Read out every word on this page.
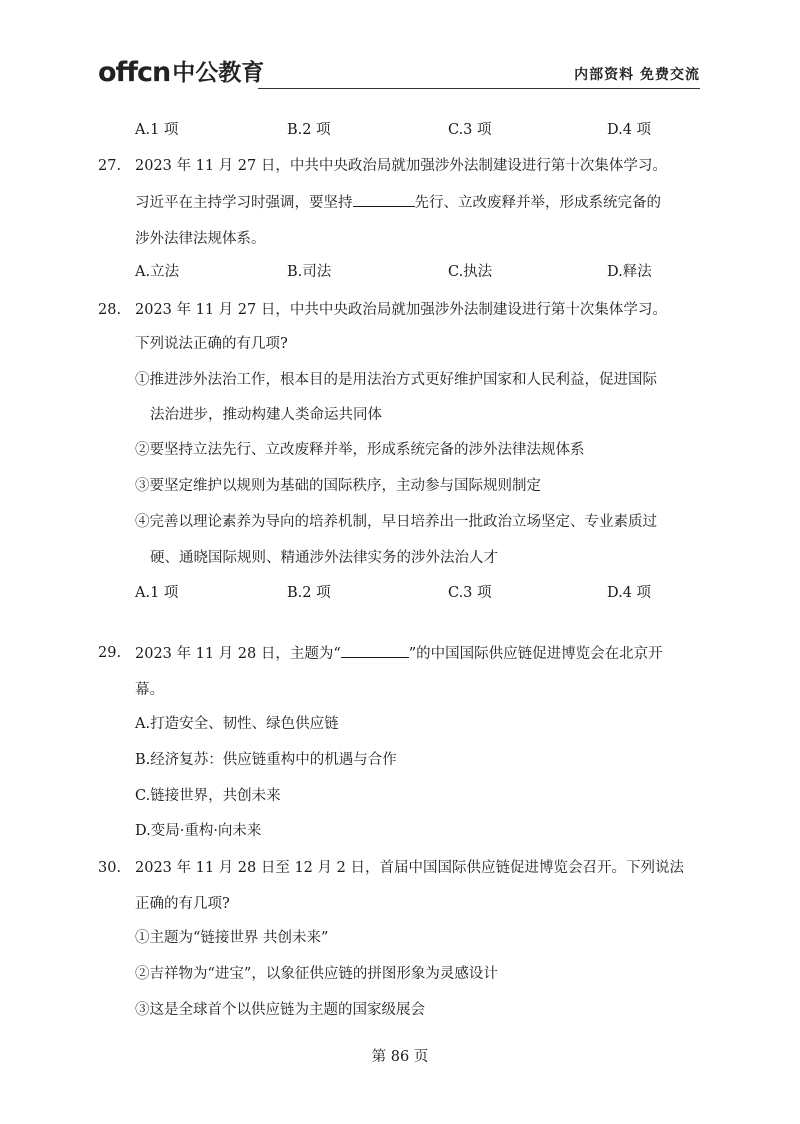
offcn 中公教育	内部资料 免费交流
A.1 项	B.2 项	C.3 项	D.4 项
27. 2023 年 11 月 27 日，中共中央政治局就加强涉外法制建设进行第十次集体学习。
习近平在主持学习时强调，要坚持	先行、立改废释并举，形成系统完备的
涉外法律法规体系。
A.立法	B.司法	C.执法	D.释法
28. 2023 年 11 月 27 日，中共中央政治局就加强涉外法制建设进行第十次集体学习。
下列说法正确的有几项?
①推进涉外法治工作，根本目的是用法治方式更好维护国家和人民利益，促进国际
法治进步，推动构建人类命运共同体
②要坚持立法先行、立改废释并举，形成系统完备的涉外法律法规体系
③要坚定维护以规则为基础的国际秩序，主动参与国际规则制定
④完善以理论素养为导向的培养机制，早日培养出一批政治立场坚定、专业素质过
硬、通晓国际规则、精通涉外法律实务的涉外法治人才
A.1 项	B.2 项	C.3 项	D.4 项
29. 2023 年 11 月 28 日，主题为“	”的中国国际供应链促进博览会在北京开
幕。
A.打造安全、韧性、绿色供应链
B.经济复苏：供应链重构中的机遇与合作
C.链接世界，共创未来
D.变局·重构·向未来
30. 2023 年 11 月 28 日至 12 月 2 日，首届中国国际供应链促进博览会召开。下列说法
正确的有几项?
①主题为“链接世界 共创未来”
②吉祥物为“进宝”，以象征供应链的拼图形象为灵感设计
③这是全球首个以供应链为主题的国家级展会
第 86 页
